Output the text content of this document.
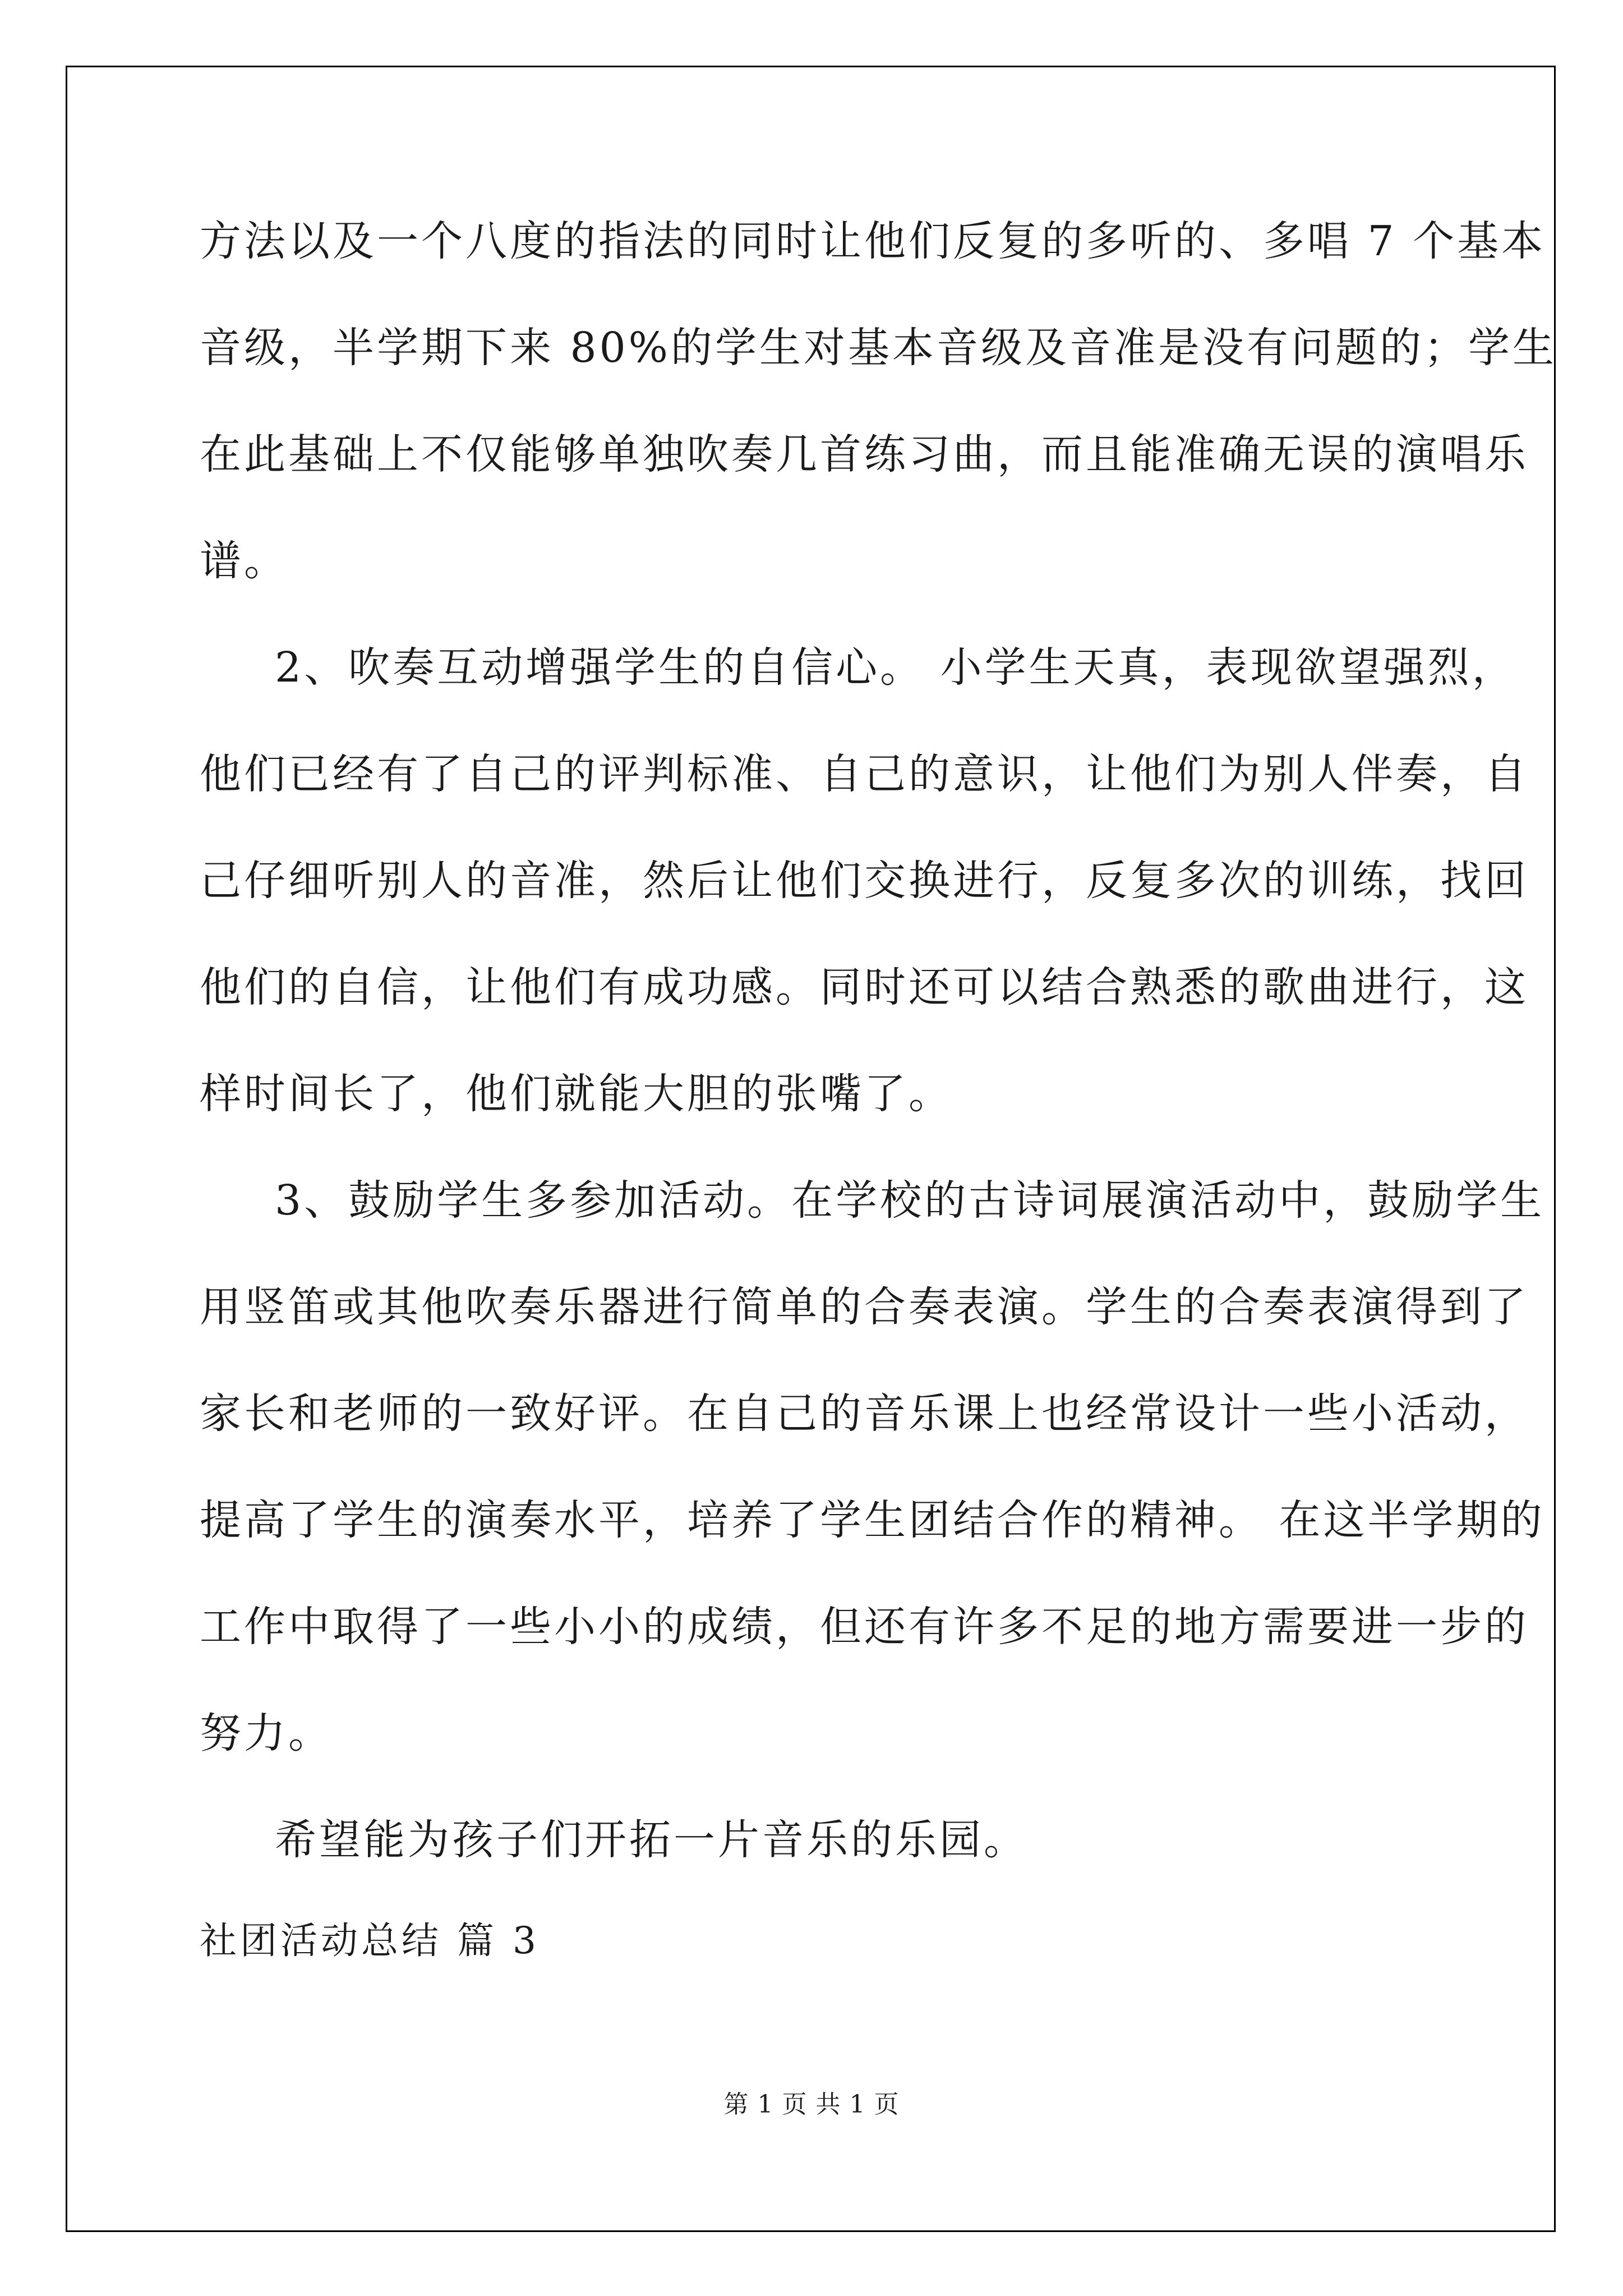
方法以及一个八度的指法的同时让他们反复的多听的、多唱 7 个基本
音级，半学期下来 80%的学生对基本音级及音准是没有问题的；学生
在此基础上不仅能够单独吹奏几首练习曲，而且能准确无误的演唱乐
谱。
2、吹奏互动增强学生的自信心。 小学生天真，表现欲望强烈，
他们已经有了自己的评判标准、自己的意识，让他们为别人伴奏，自
己仔细听别人的音准，然后让他们交换进行，反复多次的训练，找回
他们的自信，让他们有成功感。同时还可以结合熟悉的歌曲进行，这
样时间长了，他们就能大胆的张嘴了。
3、鼓励学生多参加活动。在学校的古诗词展演活动中，鼓励学生
用竖笛或其他吹奏乐器进行简单的合奏表演。学生的合奏表演得到了
家长和老师的一致好评。在自己的音乐课上也经常设计一些小活动，
提高了学生的演奏水平，培养了学生团结合作的精神。 在这半学期的
工作中取得了一些小小的成绩，但还有许多不足的地方需要进一步的
努力。
希望能为孩子们开拓一片音乐的乐园。
社团活动总结 篇 3
第 1 页 共 1 页
